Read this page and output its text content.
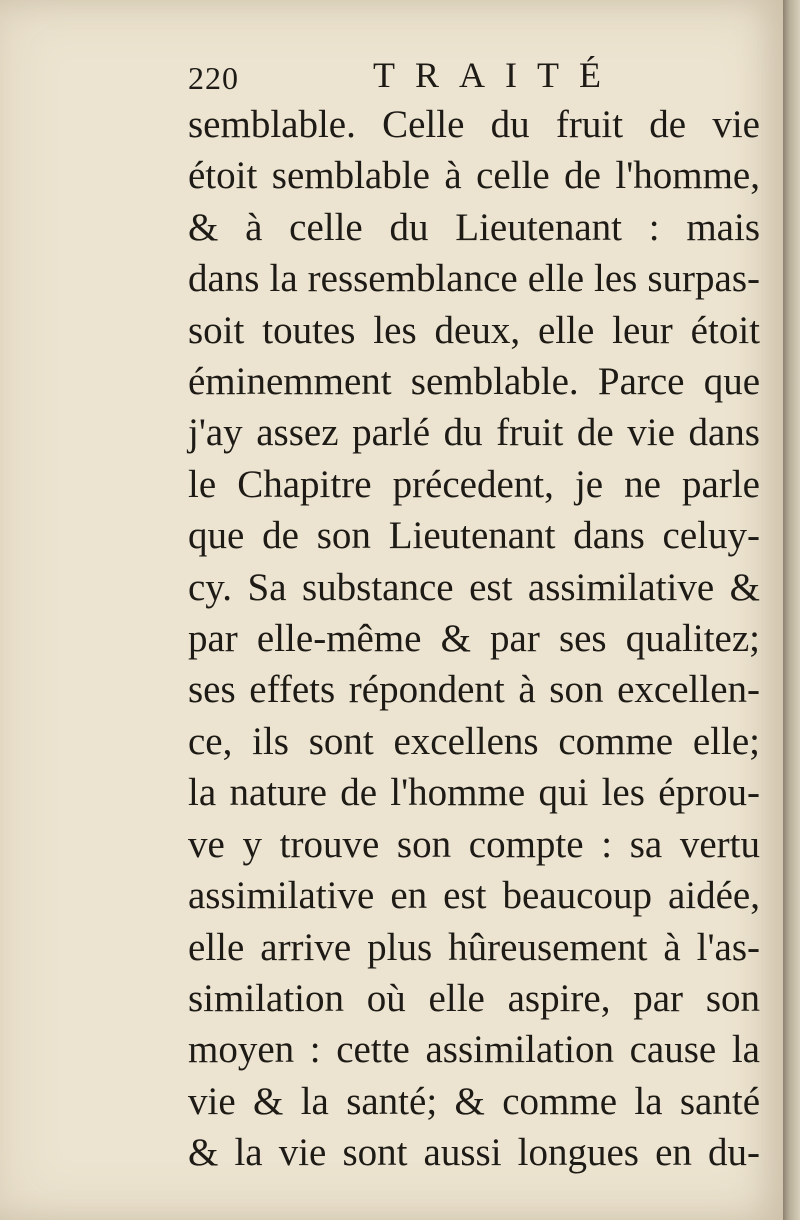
220	TRAITÉ
semblable. Celle du fruit de vie
étoit semblable à celle de l'homme,
& à celle du Lieutenant : mais
dans la ressemblance elle les surpas-
soit toutes les deux, elle leur étoit
éminemment semblable. Parce que
j'ay assez parlé du fruit de vie dans
le Chapitre précedent, je ne parle
que de son Lieutenant dans celuy-
cy. Sa substance est assimilative &
par elle-même & par ses qualitez;
ses effets répondent à son excellen-
ce, ils sont excellens comme elle;
la nature de l'homme qui les éprou-
ve y trouve son compte : sa vertu
assimilative en est beaucoup aidée,
elle arrive plus hûreusement à l'as-
similation où elle aspire, par son
moyen : cette assimilation cause la
vie & la santé; & comme la santé
& la vie sont aussi longues en du-
